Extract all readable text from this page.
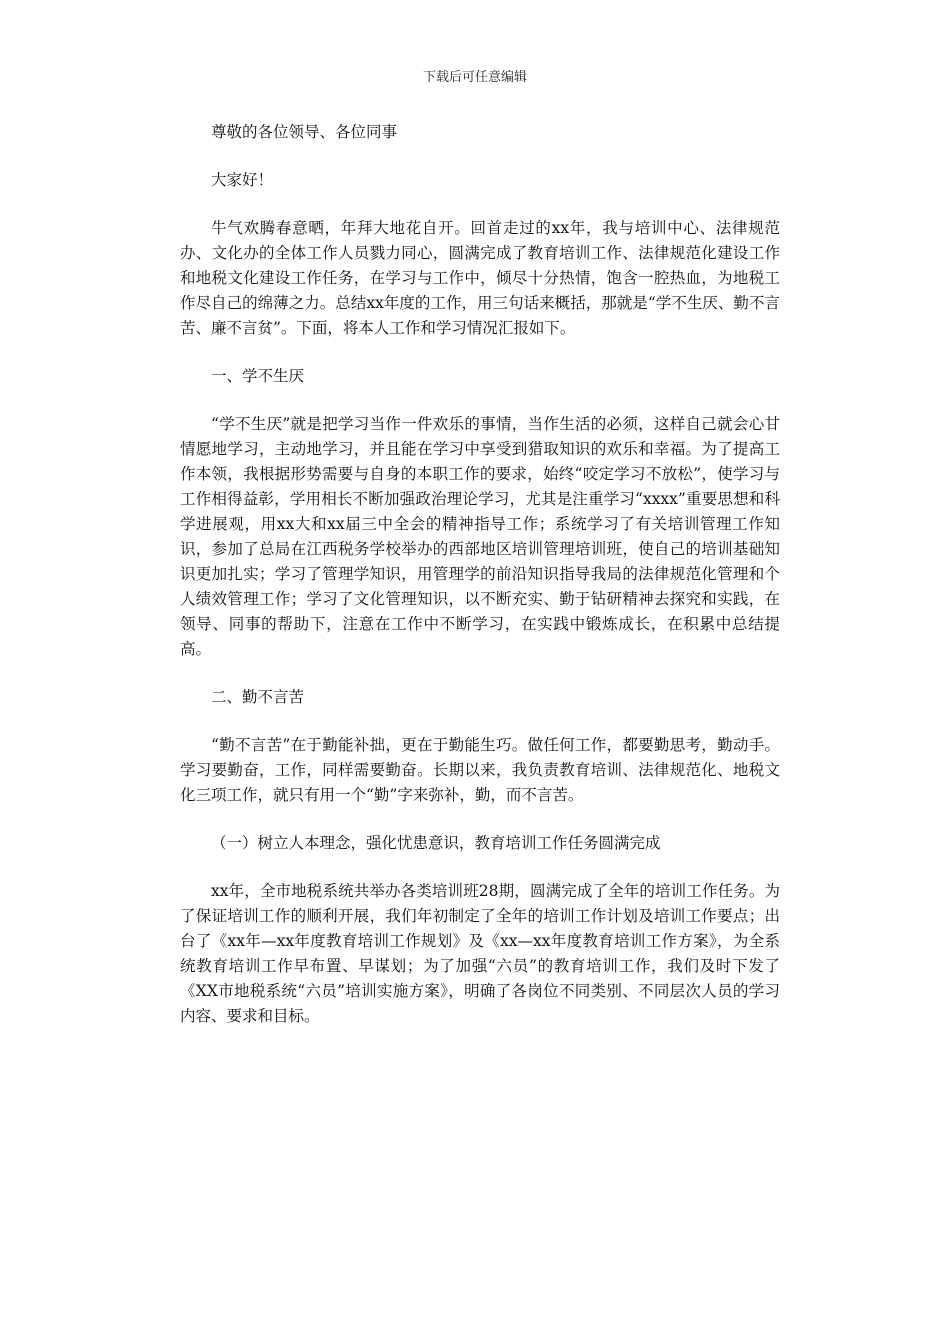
下载后可任意编辑

尊敬的各位领导、各位同事

大家好！

牛气欢腾春意晒，年拜大地花自开。回首走过的xx年，我与培训中心、法律规范办、文化办的全体工作人员戮力同心，圆满完成了教育培训工作、法律规范化建设工作和地税文化建设工作任务，在学习与工作中，倾尽十分热情，饱含一腔热血，为地税工作尽自己的绵薄之力。总结xx年度的工作，用三句话来概括，那就是“学不生厌、勤不言苦、廉不言贫”。下面，将本人工作和学习情况汇报如下。

一、学不生厌

“学不生厌”就是把学习当作一件欢乐的事情，当作生活的必须，这样自己就会心甘情愿地学习，主动地学习，并且能在学习中享受到猎取知识的欢乐和幸福。为了提高工作本领，我根据形势需要与自身的本职工作的要求，始终“咬定学习不放松”，使学习与工作相得益彰，学用相长不断加强政治理论学习，尤其是注重学习“xxxx”重要思想和科学进展观，用xx大和xx届三中全会的精神指导工作；系统学习了有关培训管理工作知识，参加了总局在江西税务学校举办的西部地区培训管理培训班，使自己的培训基础知识更加扎实；学习了管理学知识，用管理学的前沿知识指导我局的法律规范化管理和个人绩效管理工作；学习了文化管理知识，以不断充实、勤于钻研精神去探究和实践，在领导、同事的帮助下，注意在工作中不断学习，在实践中锻炼成长，在积累中总结提高。

二、勤不言苦

“勤不言苦”在于勤能补拙，更在于勤能生巧。做任何工作，都要勤思考，勤动手。学习要勤奋，工作，同样需要勤奋。长期以来，我负责教育培训、法律规范化、地税文化三项工作，就只有用一个“勤”字来弥补，勤，而不言苦。

（一）树立人本理念，强化忧患意识，教育培训工作任务圆满完成

xx年，全市地税系统共举办各类培训班28期，圆满完成了全年的培训工作任务。为了保证培训工作的顺利开展，我们年初制定了全年的培训工作计划及培训工作要点；出台了《xx年—xx年度教育培训工作规划》及《xx—xx年度教育培训工作方案》，为全系统教育培训工作早布置、早谋划；为了加强“六员”的教育培训工作，我们及时下发了《XX市地税系统“六员”培训实施方案》，明确了各岗位不同类别、不同层次人员的学习内容、要求和目标。
